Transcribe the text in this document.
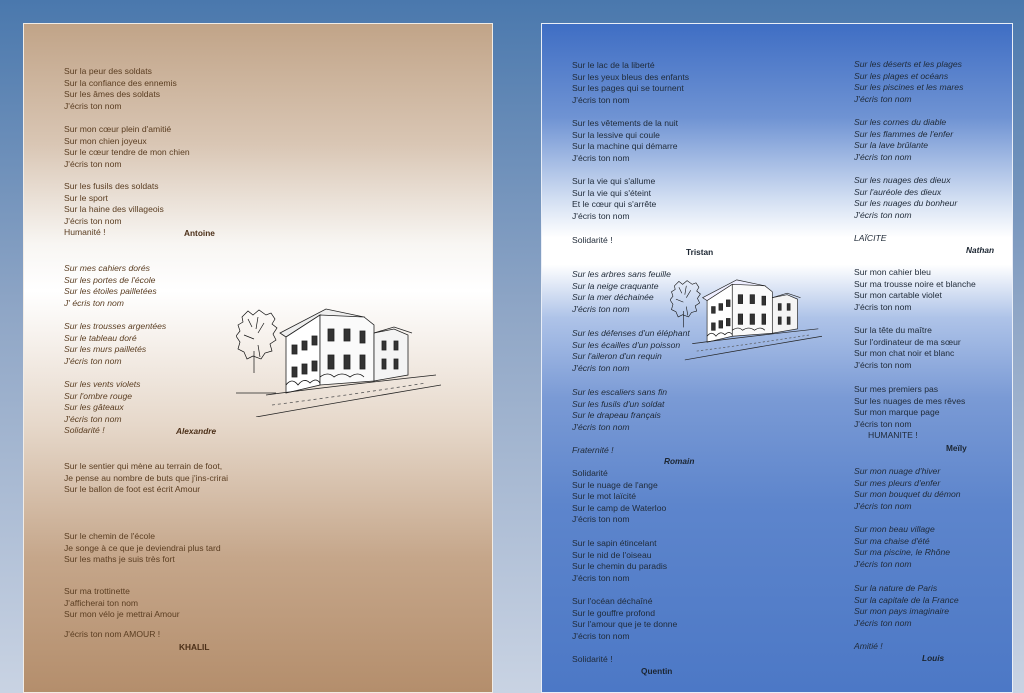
Sur la peur des soldats
Sur la confiance des ennemis
Sur les âmes des soldats
J'écris ton nom
Sur mon cœur plein d'amitié
Sur mon chien joyeux
Sur le cœur tendre de mon chien
J'écris ton nom
Sur les fusils des soldats
Sur le sport
Sur la haine des villageois
J'écris ton nom
Humanité !	Antoine
Sur mes cahiers dorés
Sur les portes de l'école
Sur les étoiles pailletées
J' écris ton nom
Sur les trousses argentées
Sur le tableau doré
Sur les murs pailletés
J'écris ton nom
Sur les vents violets
Sur l'ombre rouge
Sur les gâteaux
J'écris ton nom
Solidarité !	Alexandre
Sur le sentier qui mène au terrain de foot,
Je pense au nombre de buts que j'ins-crirai
Sur le ballon de foot est écrit Amour
Sur le chemin de l'école
Je songe à ce que je deviendrai plus tard
Sur les maths je suis très fort
Sur ma trottinette
J'afficherai ton nom
Sur mon vélo je mettrai Amour
J'écris ton nom AMOUR !
KHALIL
Sur le lac de la liberté
Sur les yeux bleus des enfants
Sur les pages qui se tournent
J'écris ton nom
Sur les vêtements de la nuit
Sur la lessive qui coule
Sur la machine qui démarre
J'écris ton nom
Sur la vie qui s'allume
Sur la vie qui s'éteint
Et le cœur qui s'arrête
J'écris ton nom
Solidarité !
Tristan
Sur les arbres sans feuille
Sur la neige craquante
Sur la mer déchainée
J'écris ton nom
Sur les défenses d'un éléphant
Sur les écailles d'un poisson
Sur l'aileron d'un requin
J'écris ton nom
Sur les escaliers sans fin
Sur les fusils d'un soldat
Sur le drapeau français
J'écris ton nom
Fraternité !
Romain
Solidarité
Sur le nuage de l'ange
Sur le mot laïcité
Sur le camp de Waterloo
J'écris ton nom
Sur le sapin étincelant
Sur le nid de l'oiseau
Sur le chemin du paradis
J'écris ton nom
Sur l'océan déchaîné
Sur le gouffre profond
Sur l'amour que je te donne
J'écris ton nom
Solidarité !
Quentin
Sur les déserts et les plages
Sur les plages et océans
Sur les piscines et les mares
J'écris ton nom
Sur les cornes du diable
Sur les flammes de l'enfer
Sur la lave brûlante
J'écris ton nom
Sur les nuages des dieux
Sur l'auréole des dieux
Sur les nuages du bonheur
J'écris ton nom
LAÏCITE
Nathan
Sur mon cahier bleu
Sur ma trousse noire et blanche
Sur mon cartable violet
J'écris ton nom
Sur la tête du maître
Sur l'ordinateur de ma sœur
Sur mon chat noir et blanc
J'écris ton nom
Sur mes premiers pas
Sur les nuages de mes rêves
Sur mon marque page
J'écris ton nom
HUMANITE !
Meïly
Sur mon nuage d'hiver
Sur mes pleurs d'enfer
Sur mon bouquet du démon
J'écris ton nom
Sur mon beau village
Sur ma chaise d'été
Sur ma piscine, le Rhône
J'écris ton nom
Sur la nature de Paris
Sur la capitale de la France
Sur mon pays imaginaire
J'écris ton nom
Amitié !
Louis
